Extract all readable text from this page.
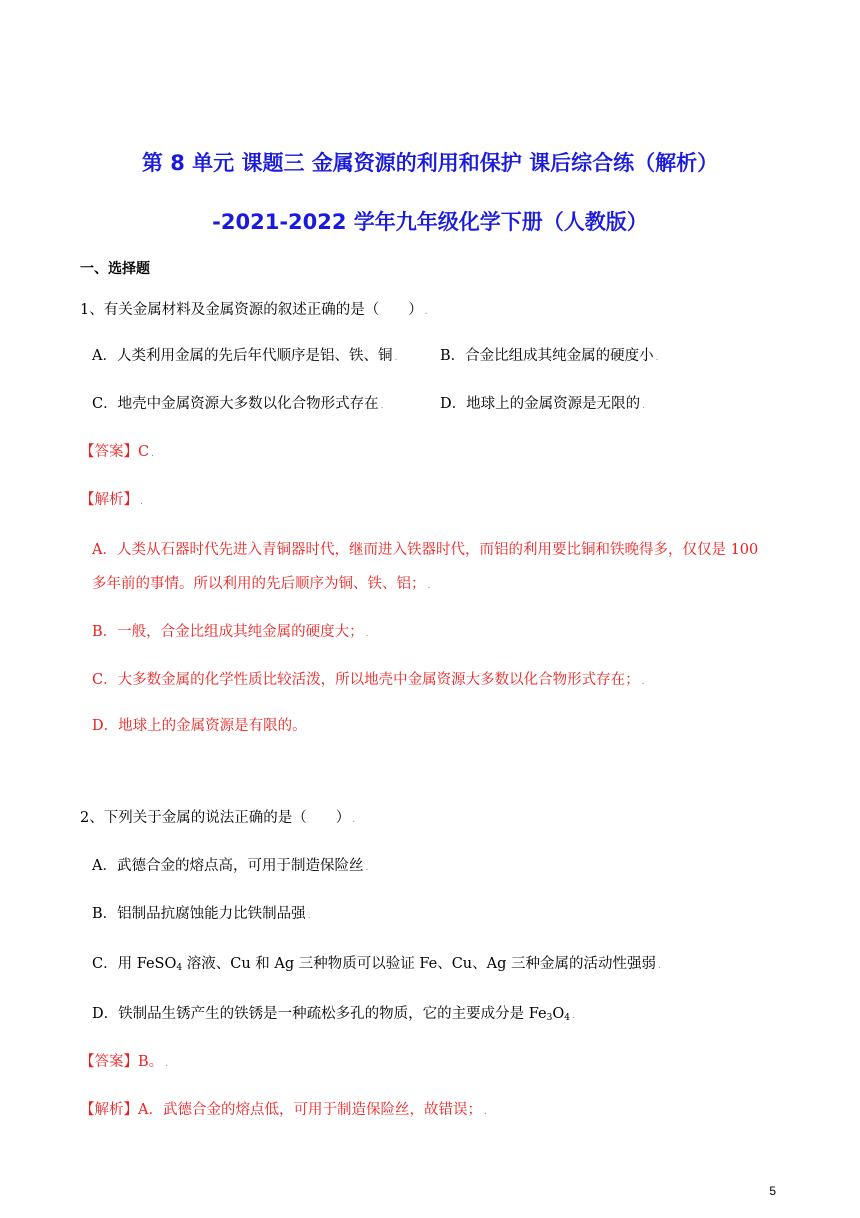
第 8 单元 课题三 金属资源的利用和保护 课后综合练（解析）
-2021-2022 学年九年级化学下册（人教版）
一、选择题
1、有关金属材料及金属资源的叙述正确的是（　　） .
A．人类利用金属的先后年代顺序是铝、铁、铜 .	B．合金比组成其纯金属的硬度小 .
C．地壳中金属资源大多数以化合物形式存在 .	D．地球上的金属资源是无限的 .
【答案】C .
【解析】 .
A．人类从石器时代先进入青铜器时代，继而进入铁器时代，而铝的利用要比铜和铁晚得多，仅仅是 100
多年前的事情。所以利用的先后顺序为铜、铁、铝； .
B．一般，合金比组成其纯金属的硬度大； .
C．大多数金属的化学性质比较活泼，所以地壳中金属资源大多数以化合物形式存在； .
D．地球上的金属资源是有限的。
2、下列关于金属的说法正确的是（　　） .
A．武德合金的熔点高，可用于制造保险丝 .
B．铝制品抗腐蚀能力比铁制品强 .
C．用 FeSO$_4$ 溶液、Cu 和 Ag 三种物质可以验证 Fe、Cu、Ag 三种金属的活动性强弱 .
D．铁制品生锈产生的铁锈是一种疏松多孔的物质，它的主要成分是 $Fe_3O_4$ .
【答案】B。 .
【解析】A．武德合金的熔点低，可用于制造保险丝，故错误； .
5
